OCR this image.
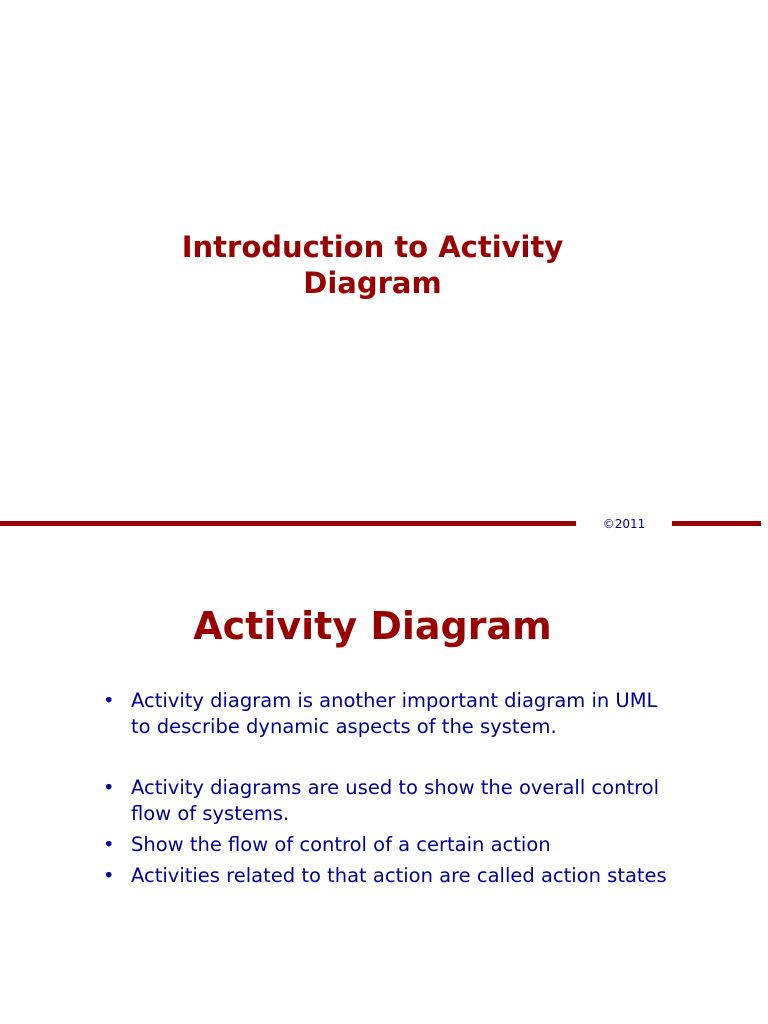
Introduction to Activity
Diagram
©2011
Activity Diagram
• Activity diagram is another important diagram in UML to describe dynamic aspects of the system.
• Activity diagrams are used to show the overall control flow of systems.
• Show the flow of control of a certain action
• Activities related to that action are called action states
